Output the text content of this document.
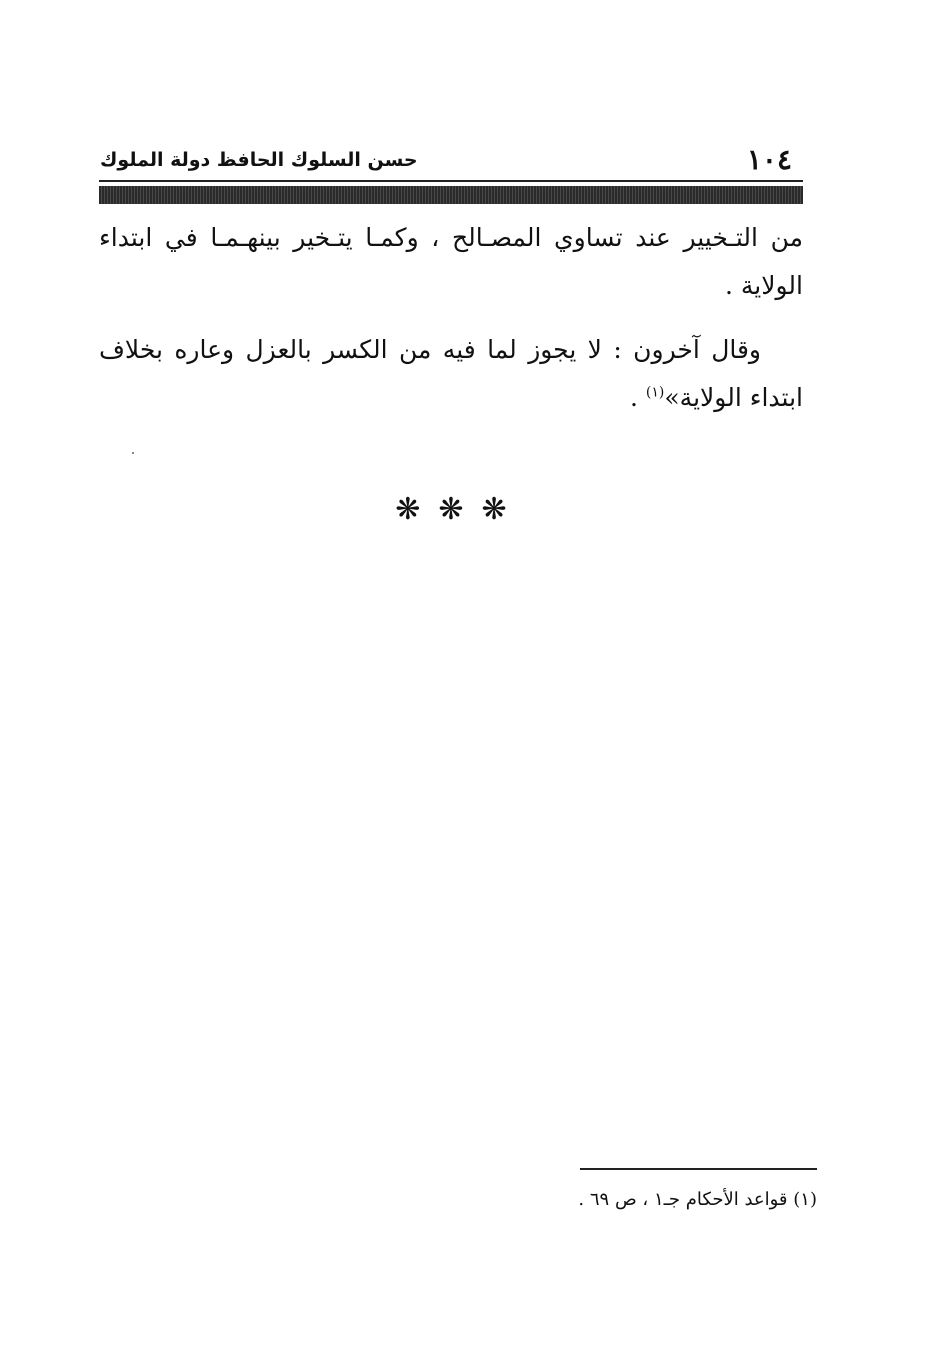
١٠٤
حسن السلوك الحافظ دولة الملوك

من التـخيير عند تساوي المصـالح ، وكمـا يتـخير بينهـمـا في ابتداء الولاية .

وقال آخرون : لا يجوز لما فيه من الكسر بالعزل وعاره بخلاف ابتداء الولاية»$^{(١)}$ .

❋❋❋
(١) قواعد الأحكام جـ١ ، ص ٦٩ .
